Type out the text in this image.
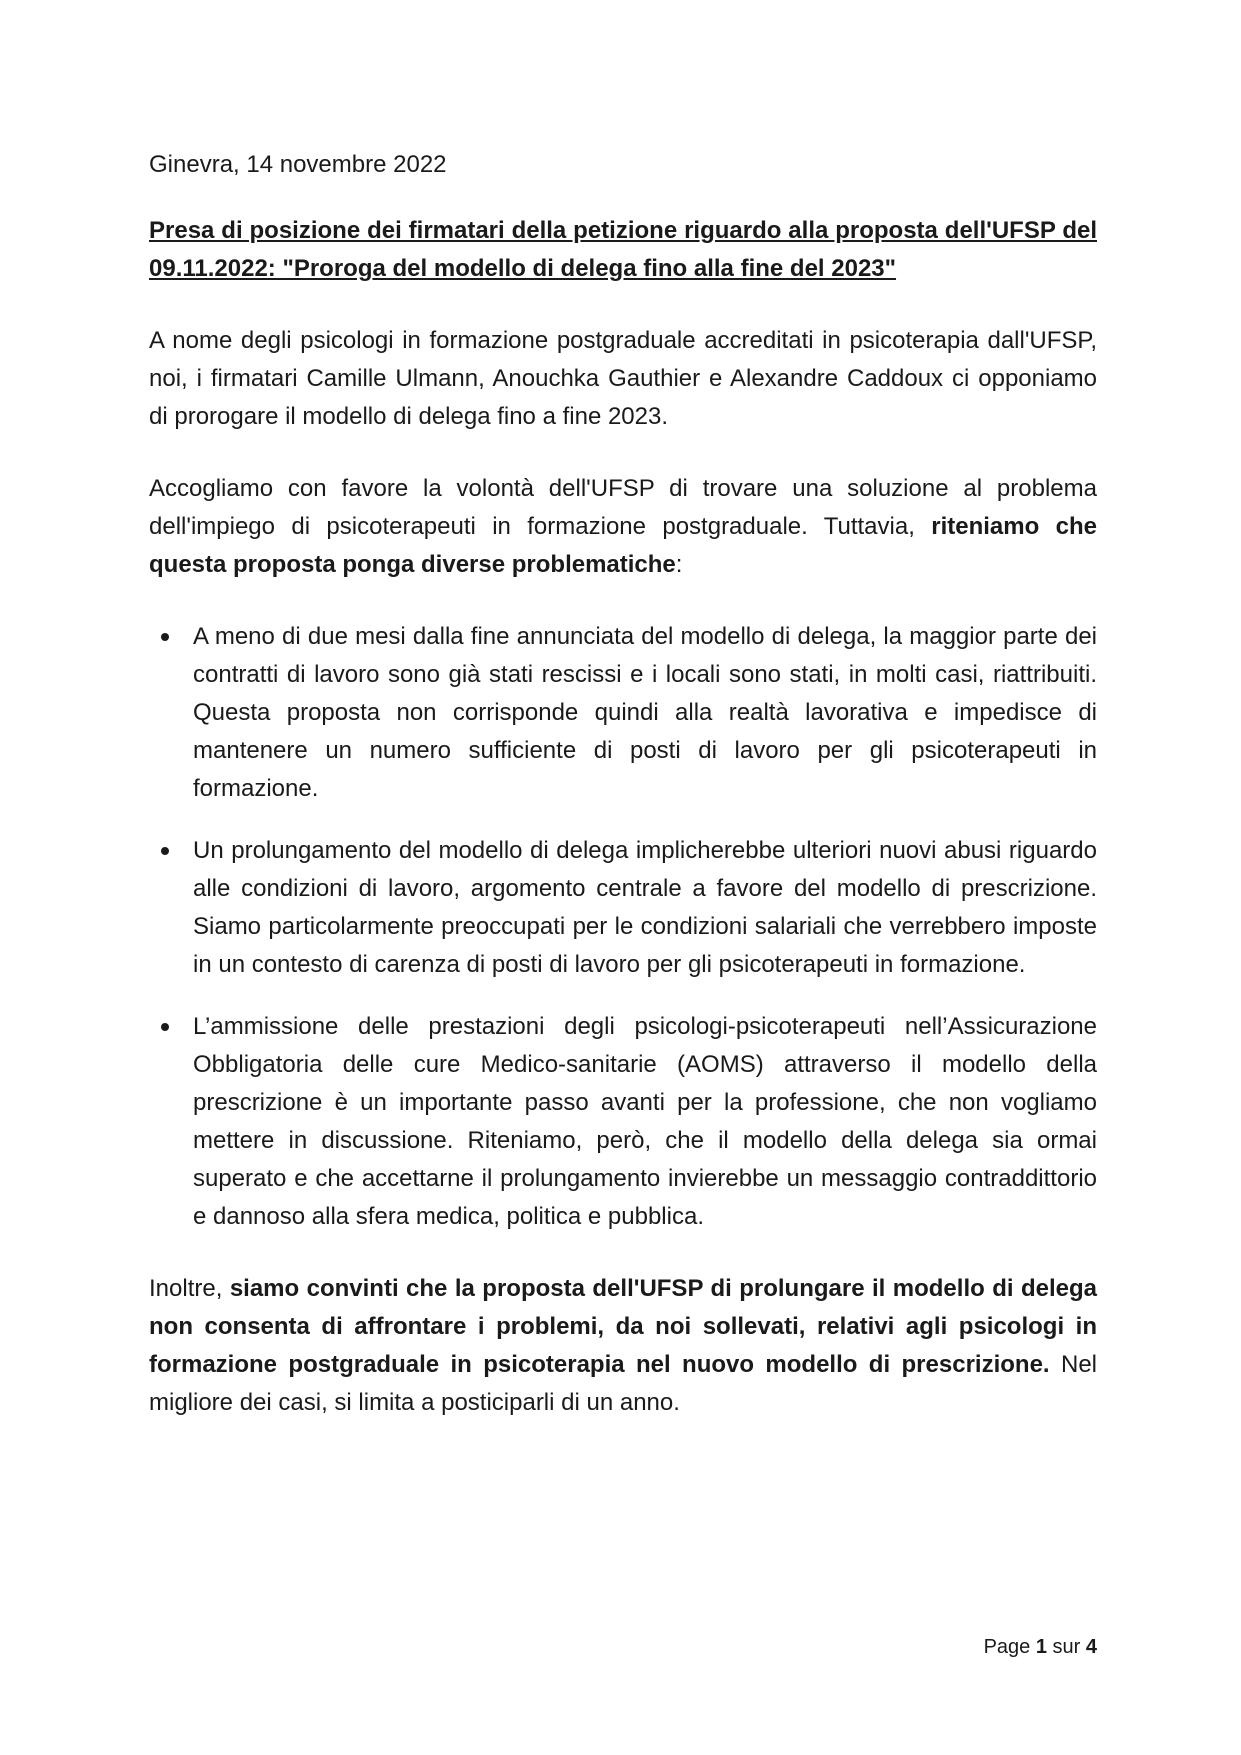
Ginevra, 14 novembre 2022
Presa di posizione dei firmatari della petizione riguardo alla proposta dell'UFSP del 09.11.2022: "Proroga del modello di delega fino alla fine del 2023"

A nome degli psicologi in formazione postgraduale accreditati in psicoterapia dall'UFSP, noi, i firmatari Camille Ulmann, Anouchka Gauthier e Alexandre Caddoux ci opponiamo di prorogare il modello di delega fino a fine 2023.

Accogliamo con favore la volontà dell'UFSP di trovare una soluzione al problema dell'impiego di psicoterapeuti in formazione postgraduale. Tuttavia, riteniamo che questa proposta ponga diverse problematiche:

A meno di due mesi dalla fine annunciata del modello di delega, la maggior parte dei contratti di lavoro sono già stati rescissi e i locali sono stati, in molti casi, riattribuiti. Questa proposta non corrisponde quindi alla realtà lavorativa e impedisce di mantenere un numero sufficiente di posti di lavoro per gli psicoterapeuti in formazione.
Un prolungamento del modello di delega implicherebbe ulteriori nuovi abusi riguardo alle condizioni di lavoro, argomento centrale a favore del modello di prescrizione. Siamo particolarmente preoccupati per le condizioni salariali che verrebbero imposte in un contesto di carenza di posti di lavoro per gli psicoterapeuti in formazione.
L’ammissione delle prestazioni degli psicologi-psicoterapeuti nell’Assicurazione Obbligatoria delle cure Medico-sanitarie (AOMS) attraverso il modello della prescrizione è un importante passo avanti per la professione, che non vogliamo mettere in discussione. Riteniamo, però, che il modello della delega sia ormai superato e che accettarne il prolungamento invierebbe un messaggio contraddittorio e dannoso alla sfera medica, politica e pubblica.

Inoltre, siamo convinti che la proposta dell'UFSP di prolungare il modello di delega non consenta di affrontare i problemi, da noi sollevati, relativi agli psicologi in formazione postgraduale in psicoterapia nel nuovo modello di prescrizione. Nel migliore dei casi, si limita a posticiparli di un anno.

Page 1 sur 4
